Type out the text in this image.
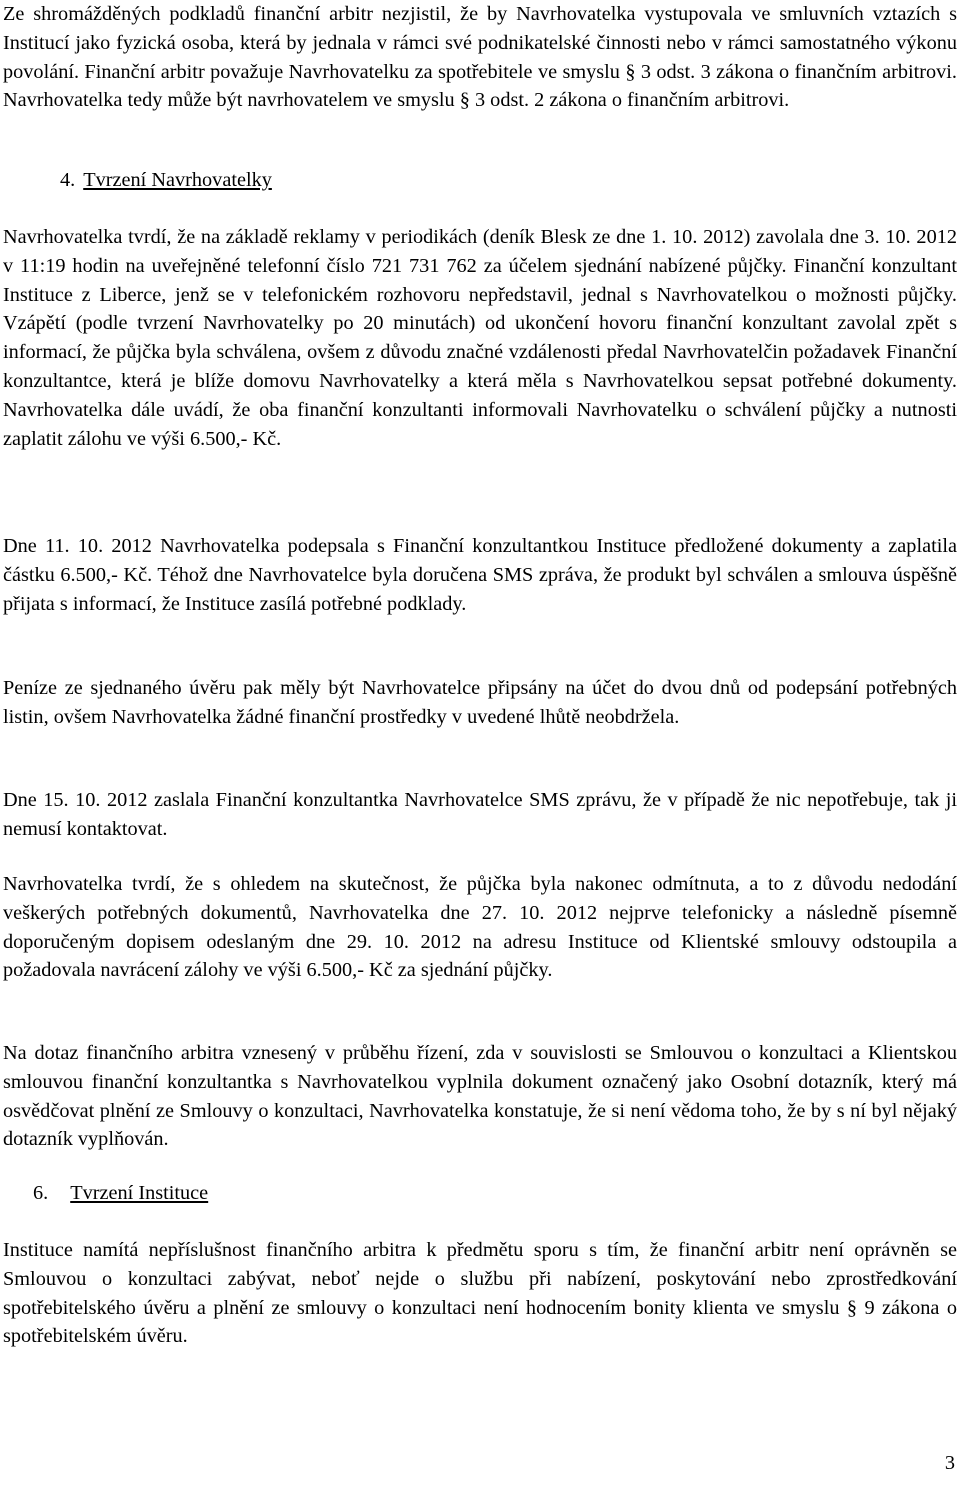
Ze shromážděných podkladů finanční arbitr nezjistil, že by Navrhovatelka vystupovala ve smluvních vztazích s Institucí jako fyzická osoba, která by jednala v rámci své podnikatelské činnosti nebo v rámci samostatného výkonu povolání. Finanční arbitr považuje Navrhovatelku za spotřebitele ve smyslu § 3 odst. 3 zákona o finančním arbitrovi. Navrhovatelka tedy může být navrhovatelem ve smyslu § 3 odst. 2 zákona o finančním arbitrovi.

4. Tvrzení Navrhovatelky

Navrhovatelka tvrdí, že na základě reklamy v periodikách (deník Blesk ze dne 1. 10. 2012) zavolala dne 3. 10. 2012 v 11:19 hodin na uveřejněné telefonní číslo 721 731 762 za účelem sjednání nabízené půjčky. Finanční konzultant Instituce z Liberce, jenž se v telefonickém rozhovoru nepředstavil, jednal s Navrhovatelkou o možnosti půjčky. Vzápětí (podle tvrzení Navrhovatelky po 20 minutách) od ukončení hovoru finanční konzultant zavolal zpět s informací, že půjčka byla schválena, ovšem z důvodu značné vzdálenosti předal Navrhovatelčin požadavek Finanční konzultantce, která je blíže domovu Navrhovatelky a která měla s Navrhovatelkou sepsat potřebné dokumenty. Navrhovatelka dále uvádí, že oba finanční konzultanti informovali Navrhovatelku o schválení půjčky a nutnosti zaplatit zálohu ve výši 6.500,- Kč.

Dne 11. 10. 2012 Navrhovatelka podepsala s Finanční konzultantkou Instituce předložené dokumenty a zaplatila částku 6.500,- Kč. Téhož dne Navrhovatelce byla doručena SMS zpráva, že produkt byl schválen a smlouva úspěšně přijata s informací, že Instituce zasílá potřebné podklady.

Peníze ze sjednaného úvěru pak měly být Navrhovatelce připsány na účet do dvou dnů od podepsání potřebných listin, ovšem Navrhovatelka žádné finanční prostředky v uvedené lhůtě neobdržela.

Dne 15. 10. 2012 zaslala Finanční konzultantka Navrhovatelce SMS zprávu, že v případě že nic nepotřebuje, tak ji nemusí kontaktovat.

Navrhovatelka tvrdí, že s ohledem na skutečnost, že půjčka byla nakonec odmítnuta, a to z důvodu nedodání veškerých potřebných dokumentů, Navrhovatelka dne 27. 10. 2012 nejprve telefonicky a následně písemně doporučeným dopisem odeslaným dne 29. 10. 2012 na adresu Instituce od Klientské smlouvy odstoupila a požadovala navrácení zálohy ve výši 6.500,- Kč za sjednání půjčky.

Na dotaz finančního arbitra vznesený v průběhu řízení, zda v souvislosti se Smlouvou o konzultaci a Klientskou smlouvou finanční konzultantka s Navrhovatelkou vyplnila dokument označený jako Osobní dotazník, který má osvědčovat plnění ze Smlouvy o konzultaci, Navrhovatelka konstatuje, že si není vědoma toho, že by s ní byl nějaký dotazník vyplňován.

6. Tvrzení Instituce

Instituce namítá nepříslušnost finančního arbitra k předmětu sporu s tím, že finanční arbitr není oprávněn se Smlouvou o konzultaci zabývat, neboť nejde o službu při nabízení, poskytování nebo zprostředkování spotřebitelského úvěru a plnění ze smlouvy o konzultaci není hodnocením bonity klienta ve smyslu § 9 zákona o spotřebitelském úvěru.

3
